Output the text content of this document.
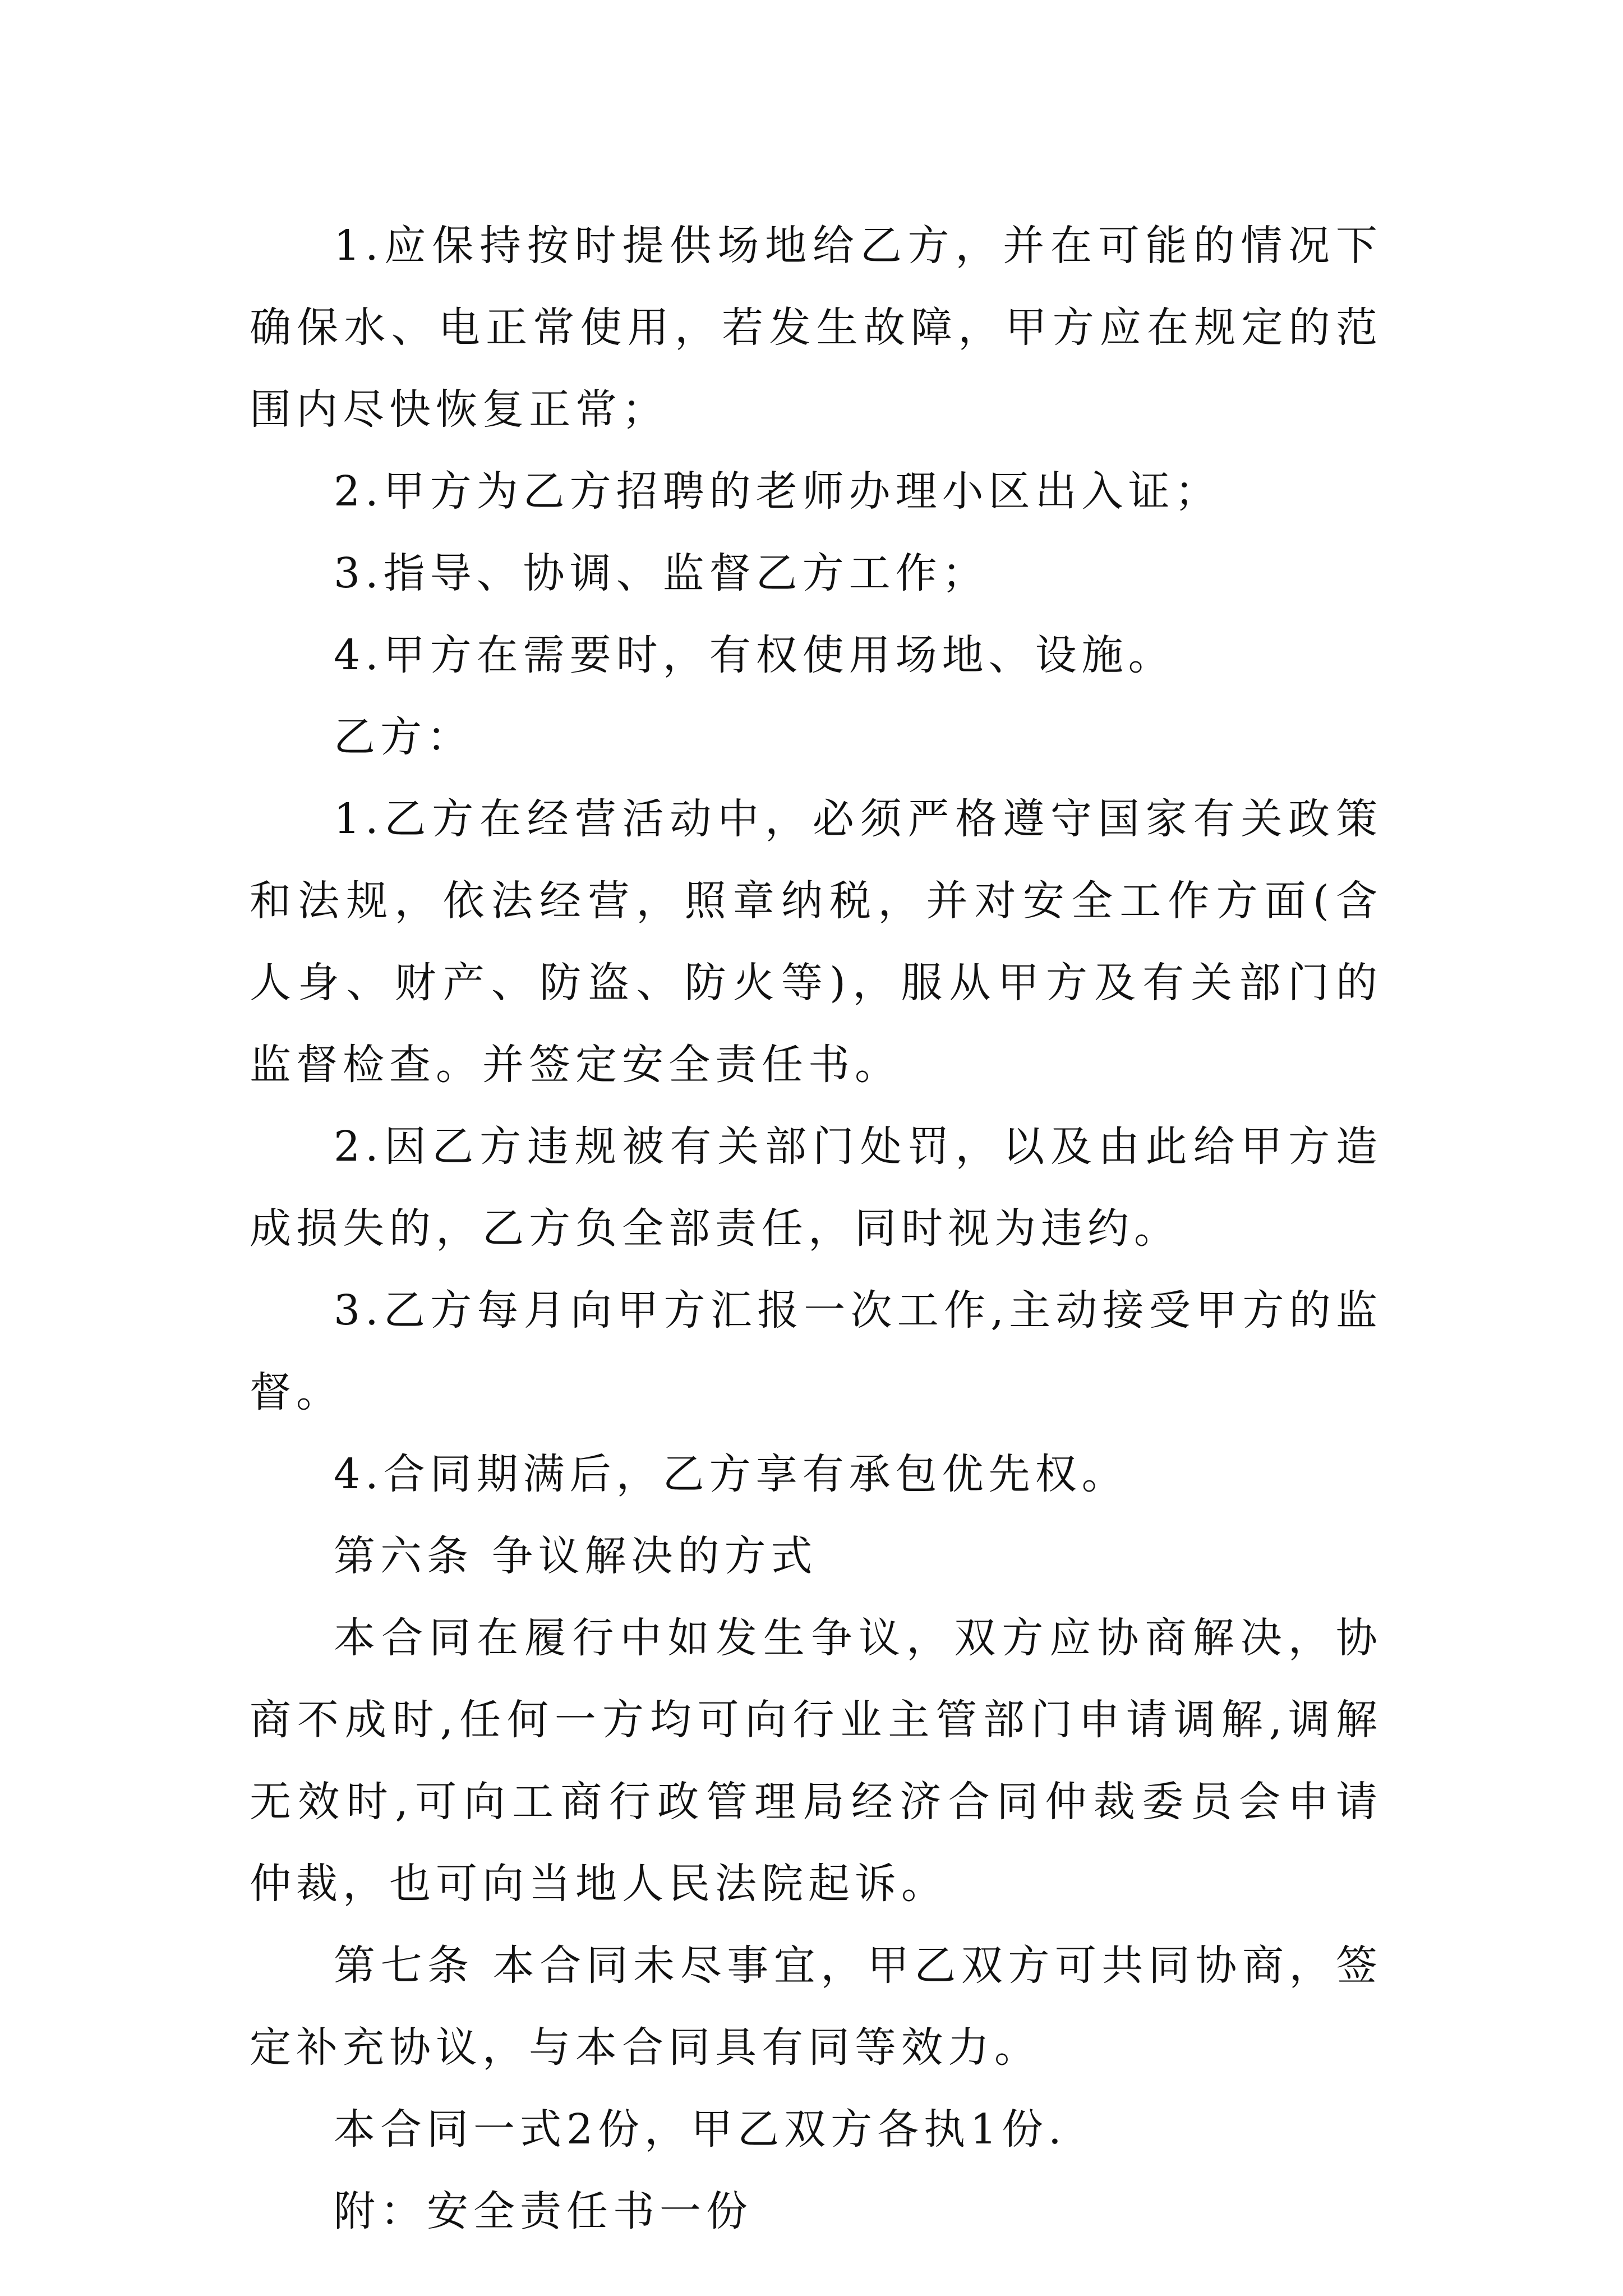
1.应保持按时提供场地给乙方，并在可能的情况下确保水、电正常使用，若发生故障，甲方应在规定的范围内尽快恢复正常；

2.甲方为乙方招聘的老师办理小区出入证；

3.指导、协调、监督乙方工作；

4.甲方在需要时，有权使用场地、设施。

乙方：

1.乙方在经营活动中，必须严格遵守国家有关政策和法规，依法经营，照章纳税，并对安全工作方面(含人身、财产、防盗、防火等)，服从甲方及有关部门的监督检查。并签定安全责任书。

2.因乙方违规被有关部门处罚，以及由此给甲方造成损失的，乙方负全部责任，同时视为违约。

3.乙方每月向甲方汇报一次工作,主动接受甲方的监督。

4.合同期满后，乙方享有承包优先权。

第六条 争议解决的方式

本合同在履行中如发生争议，双方应协商解决，协商不成时,任何一方均可向行业主管部门申请调解,调解无效时,可向工商行政管理局经济合同仲裁委员会申请仲裁，也可向当地人民法院起诉。

第七条 本合同未尽事宜，甲乙双方可共同协商，签定补充协议，与本合同具有同等效力。

本合同一式2份，甲乙双方各执1份.

附：安全责任书一份
